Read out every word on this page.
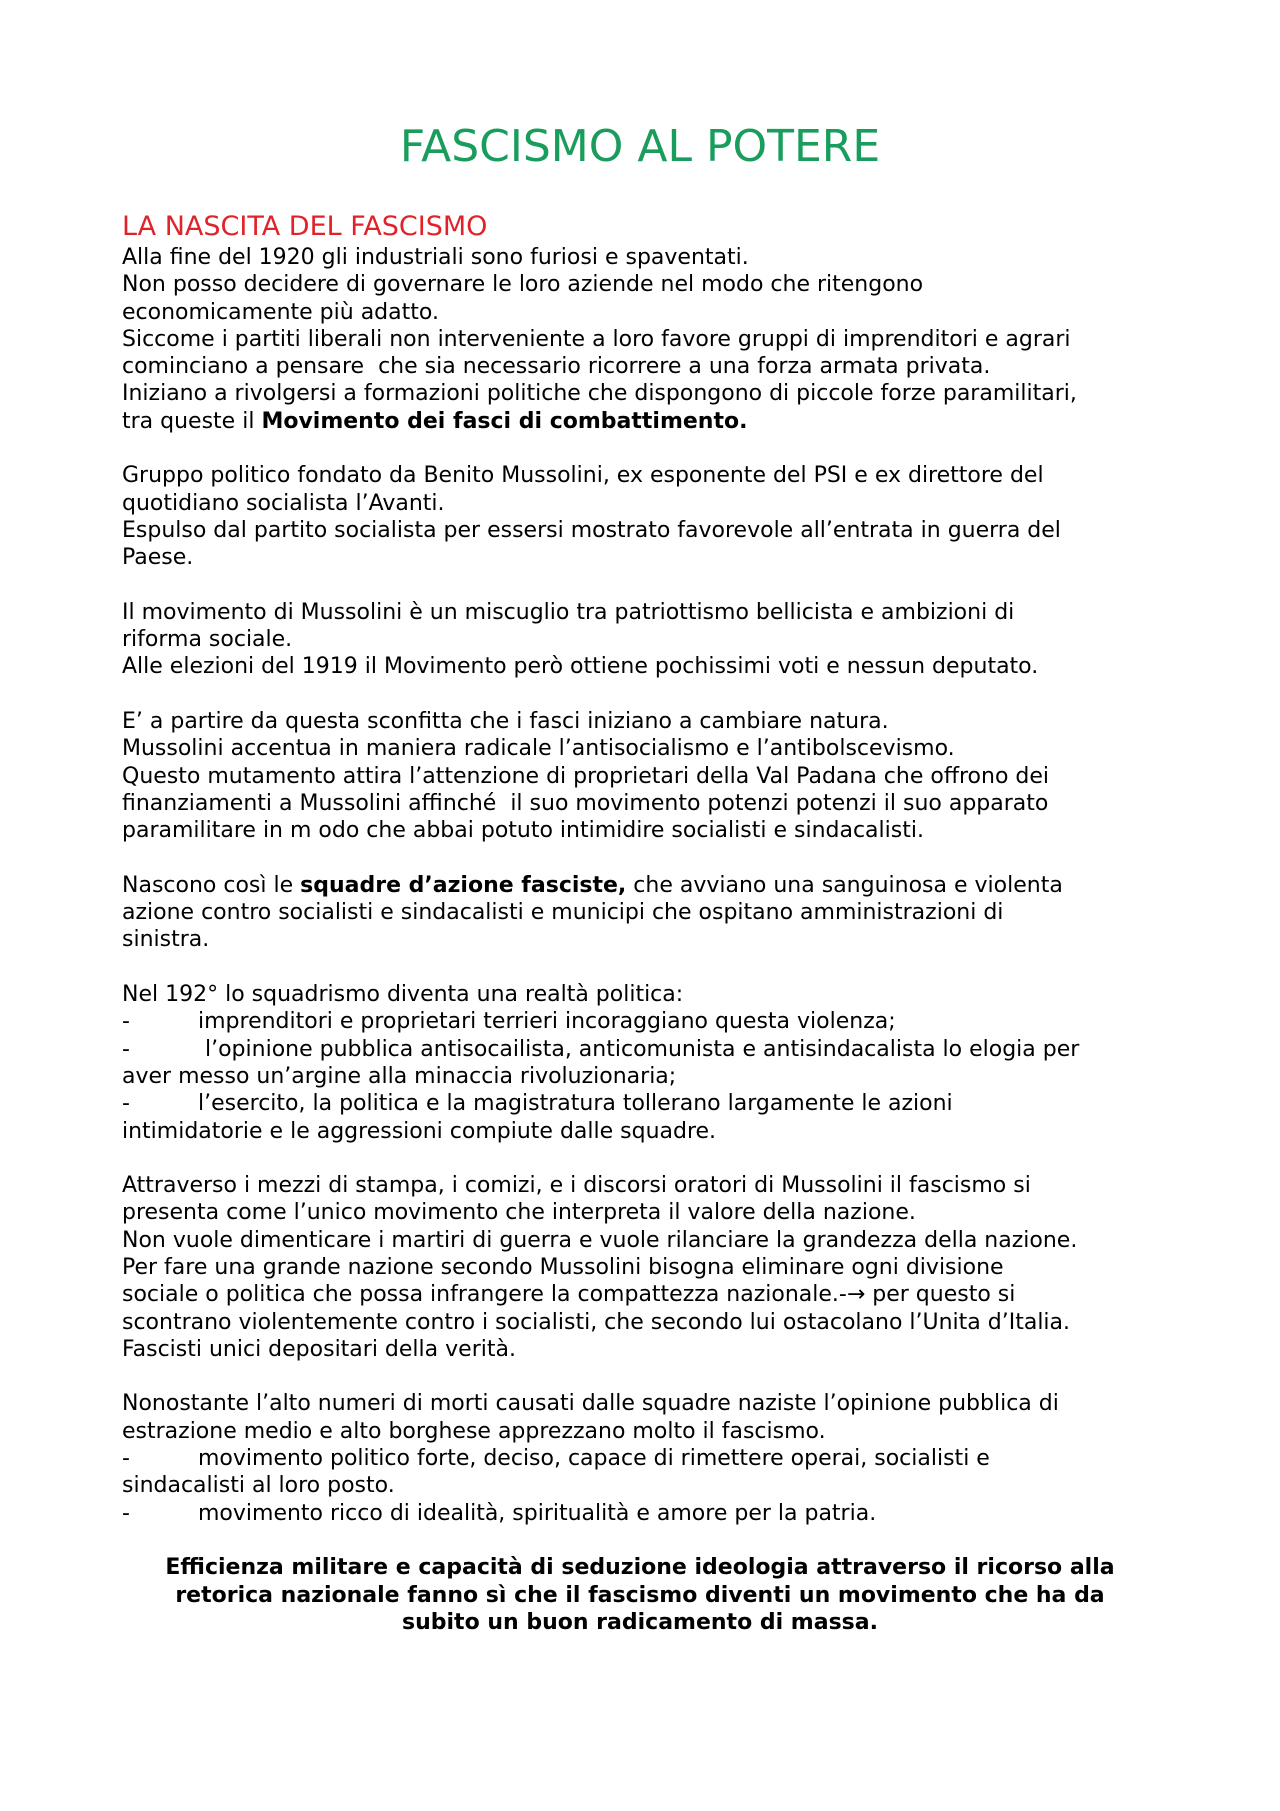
FASCISMO AL POTERE
LA NASCITA DEL FASCISMO
Alla fine del 1920 gli industriali sono furiosi e spaventati.
Non posso decidere di governare le loro aziende nel modo che ritengono
economicamente più adatto.
Siccome i partiti liberali non interveniente a loro favore gruppi di imprenditori e agrari
cominciano a pensare  che sia necessario ricorrere a una forza armata privata.
Iniziano a rivolgersi a formazioni politiche che dispongono di piccole forze paramilitari,
tra queste il Movimento dei fasci di combattimento.
Gruppo politico fondato da Benito Mussolini, ex esponente del PSI e ex direttore del
quotidiano socialista l’Avanti.
Espulso dal partito socialista per essersi mostrato favorevole all’entrata in guerra del
Paese.
Il movimento di Mussolini è un miscuglio tra patriottismo bellicista e ambizioni di
riforma sociale.
Alle elezioni del 1919 il Movimento però ottiene pochissimi voti e nessun deputato.
E’ a partire da questa sconfitta che i fasci iniziano a cambiare natura.
Mussolini accentua in maniera radicale l’antisocialismo e l’antibolscevismo.
Questo mutamento attira l’attenzione di proprietari della Val Padana che offrono dei
finanziamenti a Mussolini affinché  il suo movimento potenzi potenzi il suo apparato
paramilitare in m odo che abbai potuto intimidire socialisti e sindacalisti.
Nascono così le squadre d’azione fasciste, che avviano una sanguinosa e violenta
azione contro socialisti e sindacalisti e municipi che ospitano amministrazioni di
sinistra.
Nel 192° lo squadrismo diventa una realtà politica:
-	imprenditori e proprietari terrieri incoraggiano questa violenza;
-	l’opinione pubblica antisocailista, anticomunista e antisindacalista lo elogia per
aver messo un’argine alla minaccia rivoluzionaria;
-	l’esercito, la politica e la magistratura tollerano largamente le azioni
intimidatorie e le aggressioni compiute dalle squadre.
Attraverso i mezzi di stampa, i comizi, e i discorsi oratori di Mussolini il fascismo si
presenta come l’unico movimento che interpreta il valore della nazione.
Non vuole dimenticare i martiri di guerra e vuole rilanciare la grandezza della nazione.
Per fare una grande nazione secondo Mussolini bisogna eliminare ogni divisione
sociale o politica che possa infrangere la compattezza nazionale.-→ per questo si
scontrano violentemente contro i socialisti, che secondo lui ostacolano l’Unita d’Italia.
Fascisti unici depositari della verità.
Nonostante l’alto numeri di morti causati dalle squadre naziste l’opinione pubblica di
estrazione medio e alto borghese apprezzano molto il fascismo.
-	movimento politico forte, deciso, capace di rimettere operai, socialisti e
sindacalisti al loro posto.
-	movimento ricco di idealità, spiritualità e amore per la patria.
Efficienza militare e capacità di seduzione ideologia attraverso il ricorso alla
retorica nazionale fanno sì che il fascismo diventi un movimento che ha da
subito un buon radicamento di massa.
